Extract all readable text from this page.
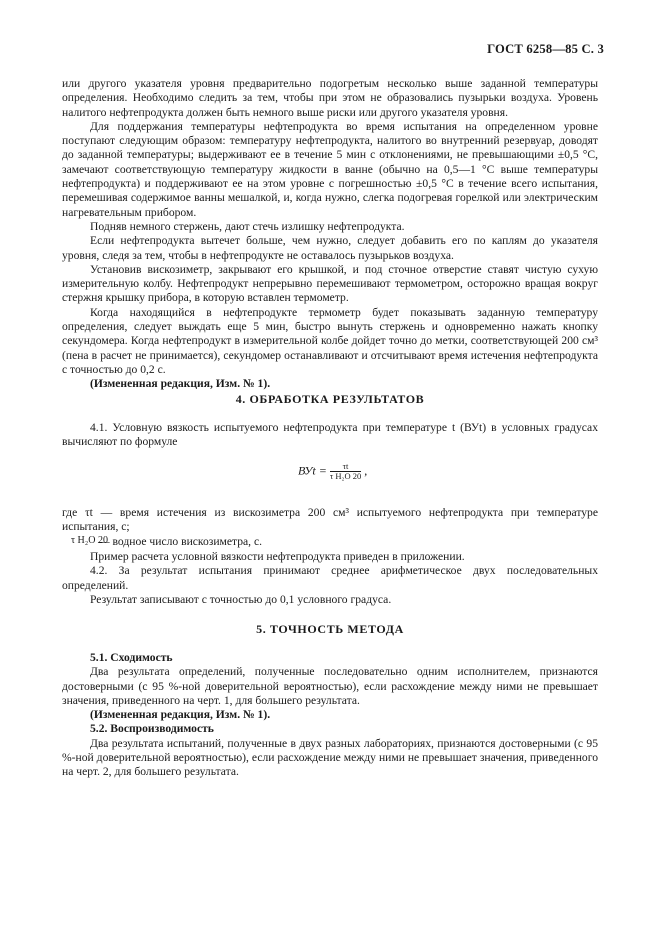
ГОСТ 6258—85 С. 3

или другого указателя уровня предварительно подогретым несколько выше заданной температуры определения. Необходимо следить за тем, чтобы при этом не образовались пузырьки воздуха. Уровень налитого нефтепродукта должен быть немного выше риски или другого указателя уровня.

Для поддержания температуры нефтепродукта во время испытания на определенном уровне поступают следующим образом: температуру нефтепродукта, налитого во внутренний резервуар, доводят до заданной температуры; выдерживают ее в течение 5 мин с отклонениями, не превышающими ±0,5 °С, замечают соответствующую температуру жидкости в ванне (обычно на 0,5—1 °С выше температуры нефтепродукта) и поддерживают ее на этом уровне с погрешностью ±0,5 °С в течение всего испытания, перемешивая содержимое ванны мешалкой, и, когда нужно, слегка подогревая горелкой или электрическим нагревательным прибором.

Подняв немного стержень, дают стечь излишку нефтепродукта.

Если нефтепродукта вытечет больше, чем нужно, следует добавить его по каплям до указателя уровня, следя за тем, чтобы в нефтепродукте не оставалось пузырьков воздуха.

Установив вискозиметр, закрывают его крышкой, и под сточное отверстие ставят чистую сухую измерительную колбу. Нефтепродукт непрерывно перемешивают термометром, осторожно вращая вокруг стержня крышку прибора, в которую вставлен термометр.

Когда находящийся в нефтепродукте термометр будет показывать заданную температуру определения, следует выждать еще 5 мин, быстро вынуть стержень и одновременно нажать кнопку секундомера. Когда нефтепродукт в измерительной колбе дойдет точно до метки, соответствующей 200 см³ (пена в расчет не принимается), секундомер останавливают и отсчитывают время истечения нефтепродукта с точностью до 0,2 с.

(Измененная редакция, Изм. № 1).

4. ОБРАБОТКА РЕЗУЛЬТАТОВ

4.1. Условную вязкость испытуемого нефтепродукта при температуре t (ВУt) в условных градусах вычисляют по формуле

ВУt = $\frac{\tau t}{\text{τ H₂O 20}}$ ,

где τt — время истечения из вискозиметра 200 см³ испытуемого нефтепродукта при температуре испытания, с;

τ H₂O 20
— водное число вискозиметра, с.

Пример расчета условной вязкости нефтепродукта приведен в приложении.

4.2. За результат испытания принимают среднее арифметическое двух последовательных определений.

Результат записывают с точностью до 0,1 условного градуса.

5. ТОЧНОСТЬ МЕТОДА

5.1. Сходимость

Два результата определений, полученные последовательно одним исполнителем, признаются достоверными (с 95 %-ной доверительной вероятностью), если расхождение между ними не превышает значения, приведенного на черт. 1, для большего результата.

(Измененная редакция, Изм. № 1).

5.2. Воспроизводимость

Два результата испытаний, полученные в двух разных лабораториях, признаются достоверными (с 95 %-ной доверительной вероятностью), если расхождение между ними не превышает значения, приведенного на черт. 2, для большего результата.
